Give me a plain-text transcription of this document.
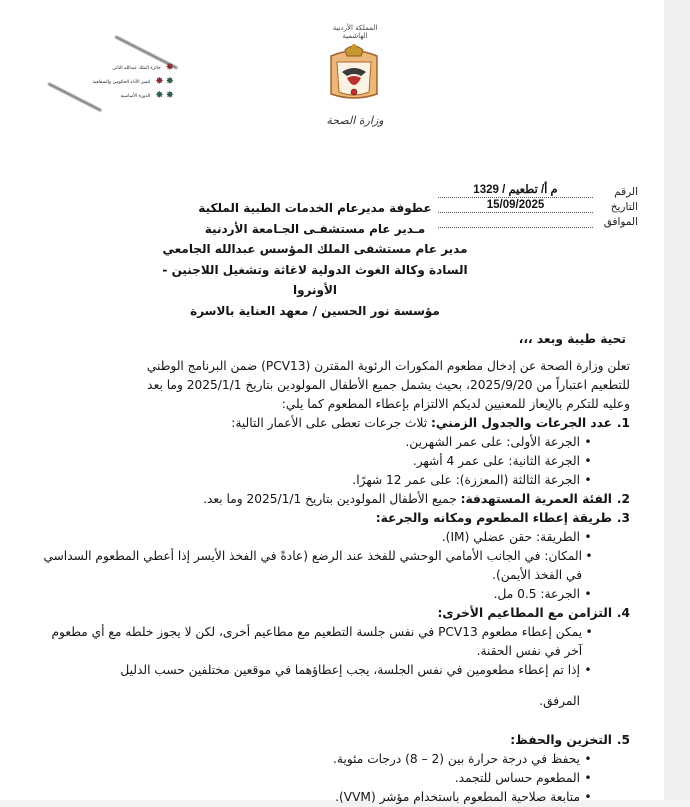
جائزة الملك عبدالله الثاني ✸
لتميز الأداء الحكومي والشفافية ✸ ✸
الدورة الأساسية ✸ ✸
المملكة الأردنية الهاشمية
وزارة الصحة
الرقم
م أ/ تطعيم / 1329
التاريخ
15/09/2025
الموافق
عطوفة مديرعام الخدمات الطبية الملكية
مـدير عام مستشفـى الجـامعة الأردنية
مدير عام مستشفى الملك المؤسس عبدالله الجامعي
السادة وكالة الغوث الدولية لاغاثة وتشغيل اللاجنين - الأونروا
مؤسسة نور الحسين / معهد العناية بالاسرة
تحية طيبة وبعد ،،،
تعلن وزارة الصحة عن إدخال مطعوم المكورات الرئوية المقترن (PCV13) ضمن البرنامج الوطني
للتطعيم اعتباراً من 2025/9/20، بحيث يشمل جميع الأطفال المولودين بتاريخ 2025/1/1 وما بعد
وعليه للتكرم بالإيعاز للمعنيين لديكم الالتزام بإعطاء المطعوم كما يلي:
1.
عدد الجرعات والجدول الزمني: ثلاث جرعات تعطى على الأعمار التالية:
•
الجرعة الأولى: على عمر الشهرين.
•
الجرعة الثانية: على عمر 4 أشهر.
•
الجرعة الثالثة (المعززة): على عمر 12 شهرًا.
2.
الفئة العمرية المستهدفة: جميع الأطفال المولودين بتاريخ 2025/1/1 وما بعد.
3.
طريقة إعطاء المطعوم ومكانه والجرعة:
•
الطريقة: حقن عضلي (IM).
•
المكان: في الجانب الأمامي الوحشي للفخذ عند الرضع (عادةً في الفخذ الأيسر إذا أعطي المطعوم السداسي في الفخذ الأيمن).
•
الجرعة: 0.5 مل.
4.
التزامن مع المطاعيم الأخرى:
•
يمكن إعطاء مطعوم PCV13 في نفس جلسة التطعيم مع مطاعيم أخرى، لكن لا يجوز خلطه مع أي مطعوم آخر في نفس الحقنة.
•
إذا تم إعطاء مطعومين في نفس الجلسة، يجب إعطاؤهما في موقعين مختلفين حسب الدليل
المرفق.
5.
التخزين والحفظ:
•
يحفظ في درجة حرارة بين (2 – 8) درجات مئوية.
•
المطعوم حساس للتجمد.
•
متابعة صلاحية المطعوم باستخدام مؤشر (VVM).
